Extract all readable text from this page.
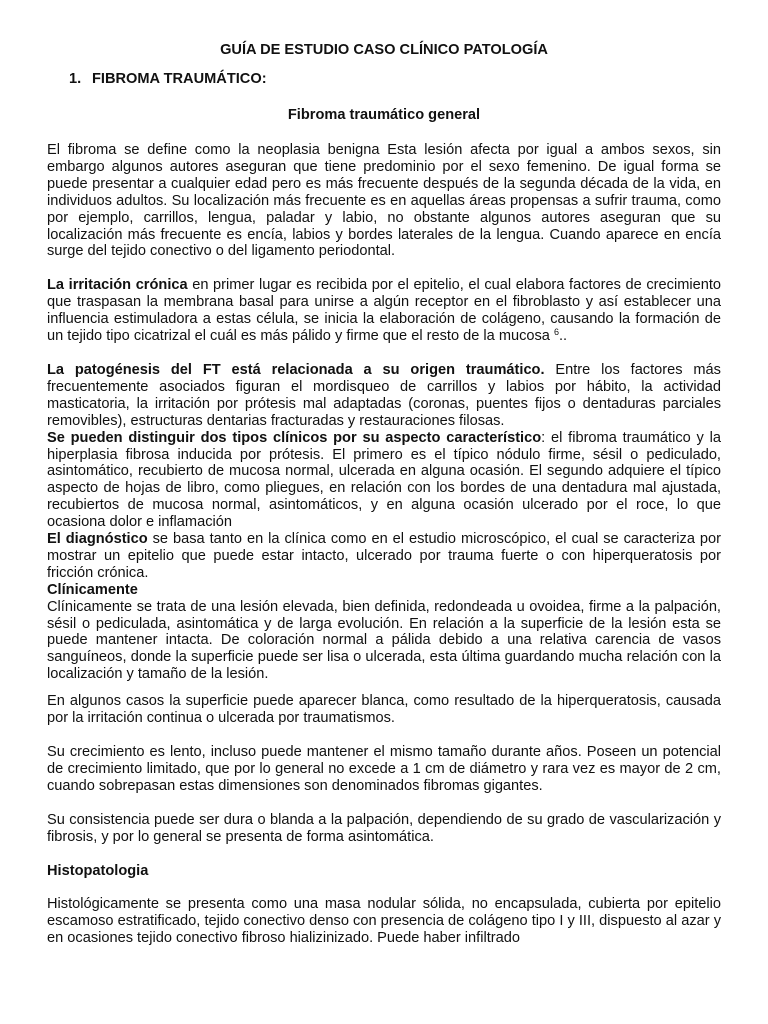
GUÍA DE ESTUDIO CASO CLÍNICO PATOLOGÍA
1. FIBROMA TRAUMÁTICO:
Fibroma traumático general

El fibroma se define como la neoplasia benigna Esta lesión afecta por igual a ambos sexos, sin embargo algunos autores aseguran que tiene predominio por el sexo femenino. De igual forma se puede presentar a cualquier edad pero es más frecuente después de la segunda década de la vida, en individuos adultos. Su localización más frecuente es en aquellas áreas propensas a sufrir trauma, como por ejemplo, carrillos, lengua, paladar y labio, no obstante algunos autores aseguran que su localización más frecuente es encía, labios y bordes laterales de la lengua. Cuando aparece en encía surge del tejido conectivo o del ligamento periodontal.

La irritación crónica en primer lugar es recibida por el epitelio, el cual elabora factores de crecimiento que traspasan la membrana basal para unirse a algún receptor en el fibroblasto y así establecer una influencia estimuladora a estas célula, se inicia la elaboración de colágeno, causando la formación de un tejido tipo cicatrizal el cuál es más pálido y firme que el resto de la mucosa $^6$..

La patogénesis del FT está relacionada a su origen traumático. Entre los factores más frecuentemente asociados figuran el mordisqueo de carrillos y labios por hábito, la actividad masticatoria, la irritación por prótesis mal adaptadas (coronas, puentes fijos o dentaduras parciales removibles), estructuras dentarias fracturadas y restauraciones filosas.

Se pueden distinguir dos tipos clínicos por su aspecto característico: el fibroma traumático y la hiperplasia fibrosa inducida por prótesis. El primero es el típico nódulo firme, sésil o pediculado, asintomático, recubierto de mucosa normal, ulcerada en alguna ocasión. El segundo adquiere el típico aspecto de hojas de libro, como pliegues, en relación con los bordes de una dentadura mal ajustada, recubiertos de mucosa normal, asintomáticos, y en alguna ocasión ulcerado por el roce, lo que ocasiona dolor e inflamación

El diagnóstico se basa tanto en la clínica como en el estudio microscópico, el cual se caracteriza por mostrar un epitelio que puede estar intacto, ulcerado por trauma fuerte o con hiperqueratosis por fricción crónica.

Clínicamente

Clínicamente se trata de una lesión elevada, bien definida, redondeada u ovoidea, firme a la palpación, sésil o pediculada, asintomática y de larga evolución. En relación a la superficie de la lesión esta se puede mantener intacta. De coloración normal a pálida debido a una relativa carencia de vasos sanguíneos, donde la superficie puede ser lisa o ulcerada, esta última guardando mucha relación con la localización y tamaño de la lesión.

En algunos casos la superficie puede aparecer blanca, como resultado de la hiperqueratosis, causada por la irritación continua o ulcerada por traumatismos.

Su crecimiento es lento, incluso puede mantener el mismo tamaño durante años. Poseen un potencial de crecimiento limitado, que por lo general no excede a 1 cm de diámetro y rara vez es mayor de 2 cm, cuando sobrepasan estas dimensiones son denominados fibromas gigantes.

Su consistencia puede ser dura o blanda a la palpación, dependiendo de su grado de vascularización y fibrosis, y por lo general se presenta de forma asintomática.

Histopatologia

Histológicamente se presenta como una masa nodular sólida, no encapsulada, cubierta por epitelio escamoso estratificado, tejido conectivo denso con presencia de colágeno tipo I y III, dispuesto al azar y en ocasiones tejido conectivo fibroso hializinizado. Puede haber infiltrado
